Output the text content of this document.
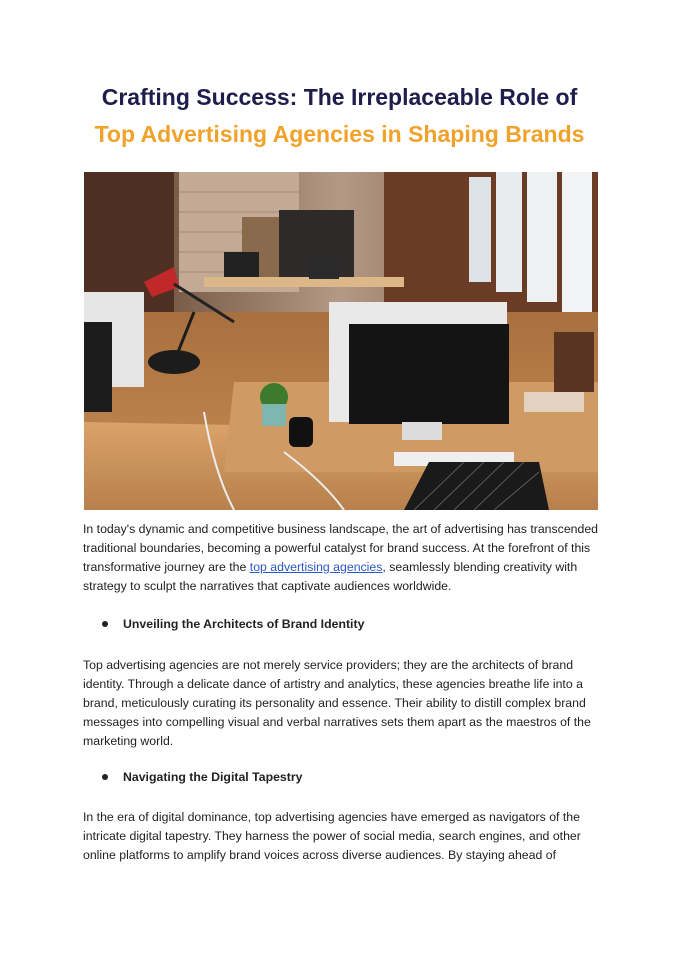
Crafting Success: The Irreplaceable Role of
Top Advertising Agencies in Shaping Brands

In today's dynamic and competitive business landscape, the art of advertising has transcended traditional boundaries, becoming a powerful catalyst for brand success. At the forefront of this transformative journey are the top advertising agencies, seamlessly blending creativity with strategy to sculpt the narratives that captivate audiences worldwide.

Unveiling the Architects of Brand Identity

Top advertising agencies are not merely service providers; they are the architects of brand identity. Through a delicate dance of artistry and analytics, these agencies breathe life into a brand, meticulously curating its personality and essence. Their ability to distill complex brand messages into compelling visual and verbal narratives sets them apart as the maestros of the marketing world.

Navigating the Digital Tapestry

In the era of digital dominance, top advertising agencies have emerged as navigators of the intricate digital tapestry. They harness the power of social media, search engines, and other online platforms to amplify brand voices across diverse audiences. By staying ahead of
